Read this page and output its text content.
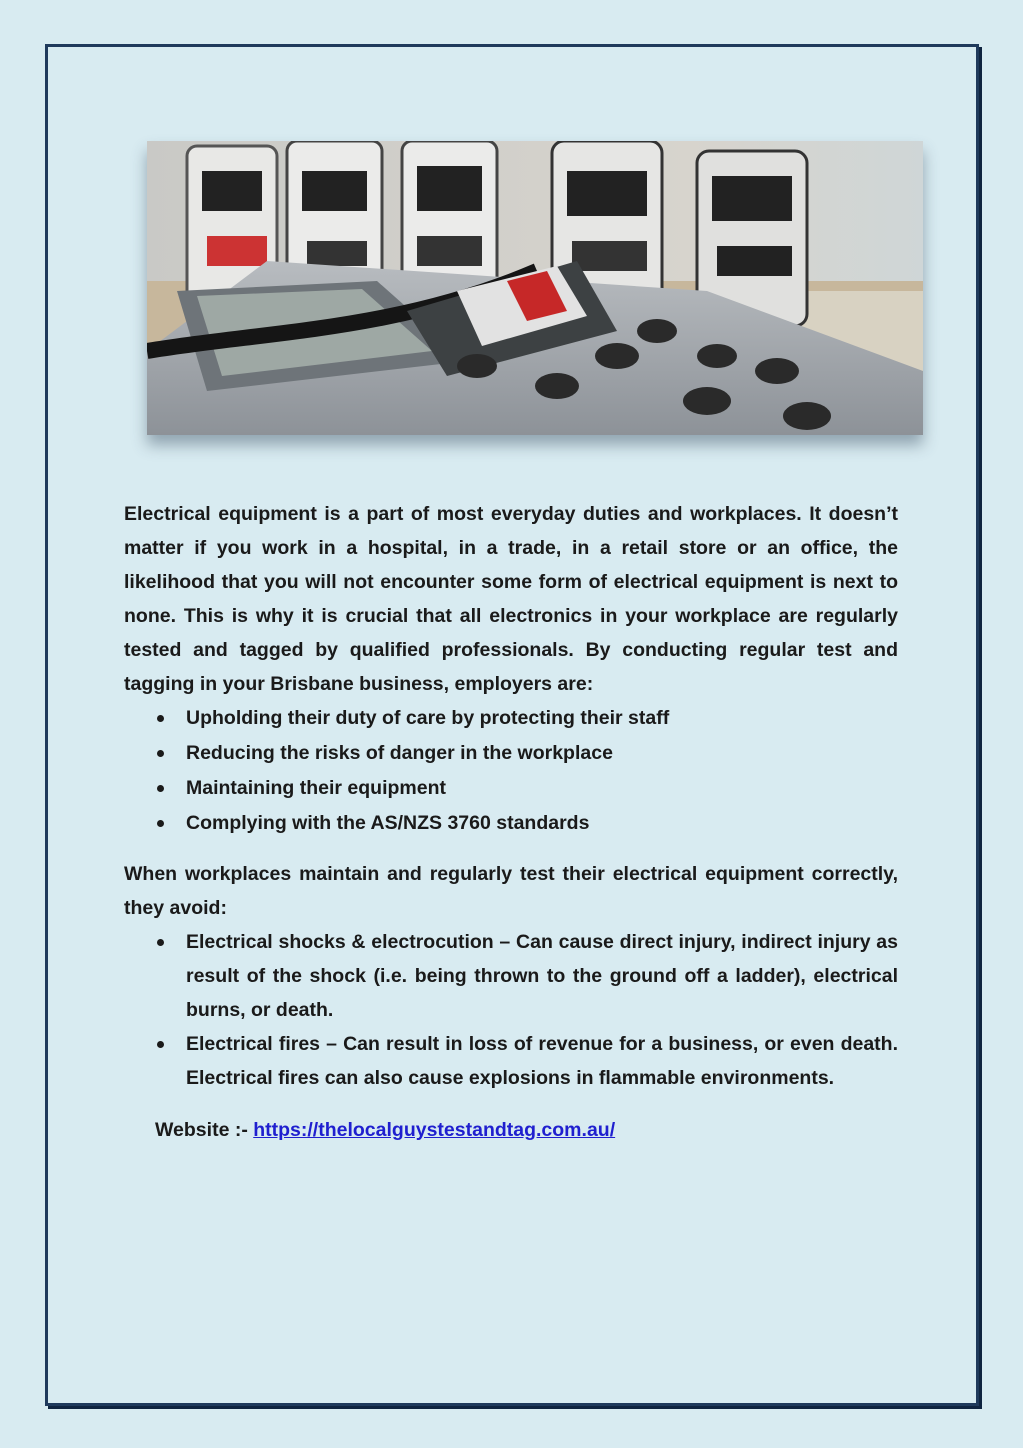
Electrical equipment is a part of most everyday duties and workplaces. It doesn’t matter if you work in a hospital, in a trade, in a retail store or an office, the likelihood that you will not encounter some form of electrical equipment is next to none. This is why it is crucial that all electronics in your workplace are regularly tested and tagged by qualified professionals. By conducting regular test and tagging in your Brisbane business, employers are:

Upholding their duty of care by protecting their staff
Reducing the risks of danger in the workplace
Maintaining their equipment
Complying with the AS/NZS 3760 standards

When workplaces maintain and regularly test their electrical equipment correctly, they avoid:

Electrical shocks & electrocution – Can cause direct injury, indirect injury as result of the shock (i.e. being thrown to the ground off a ladder), electrical burns, or death.
Electrical fires – Can result in loss of revenue for a business, or even death. Electrical fires can also cause explosions in flammable environments.
Website :- https://thelocalguystestandtag.com.au/
